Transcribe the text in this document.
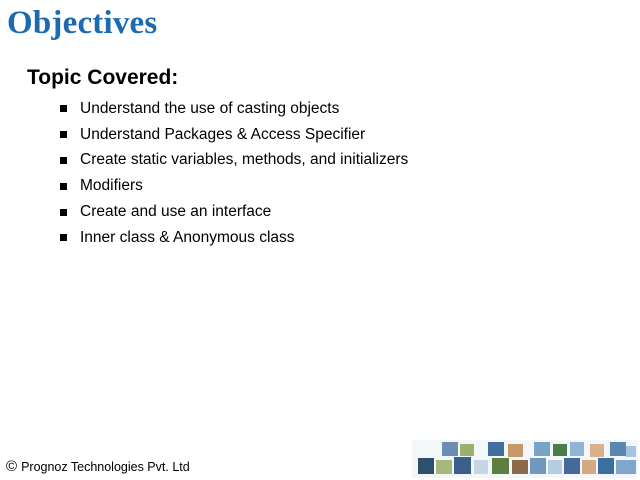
Objectives
Topic Covered:
Understand the use of casting objects
Understand Packages & Access Specifier
Create static variables, methods, and initializers
Modifiers
Create and use an interface
Inner class & Anonymous class
© Prognoz Technologies Pvt. Ltd
